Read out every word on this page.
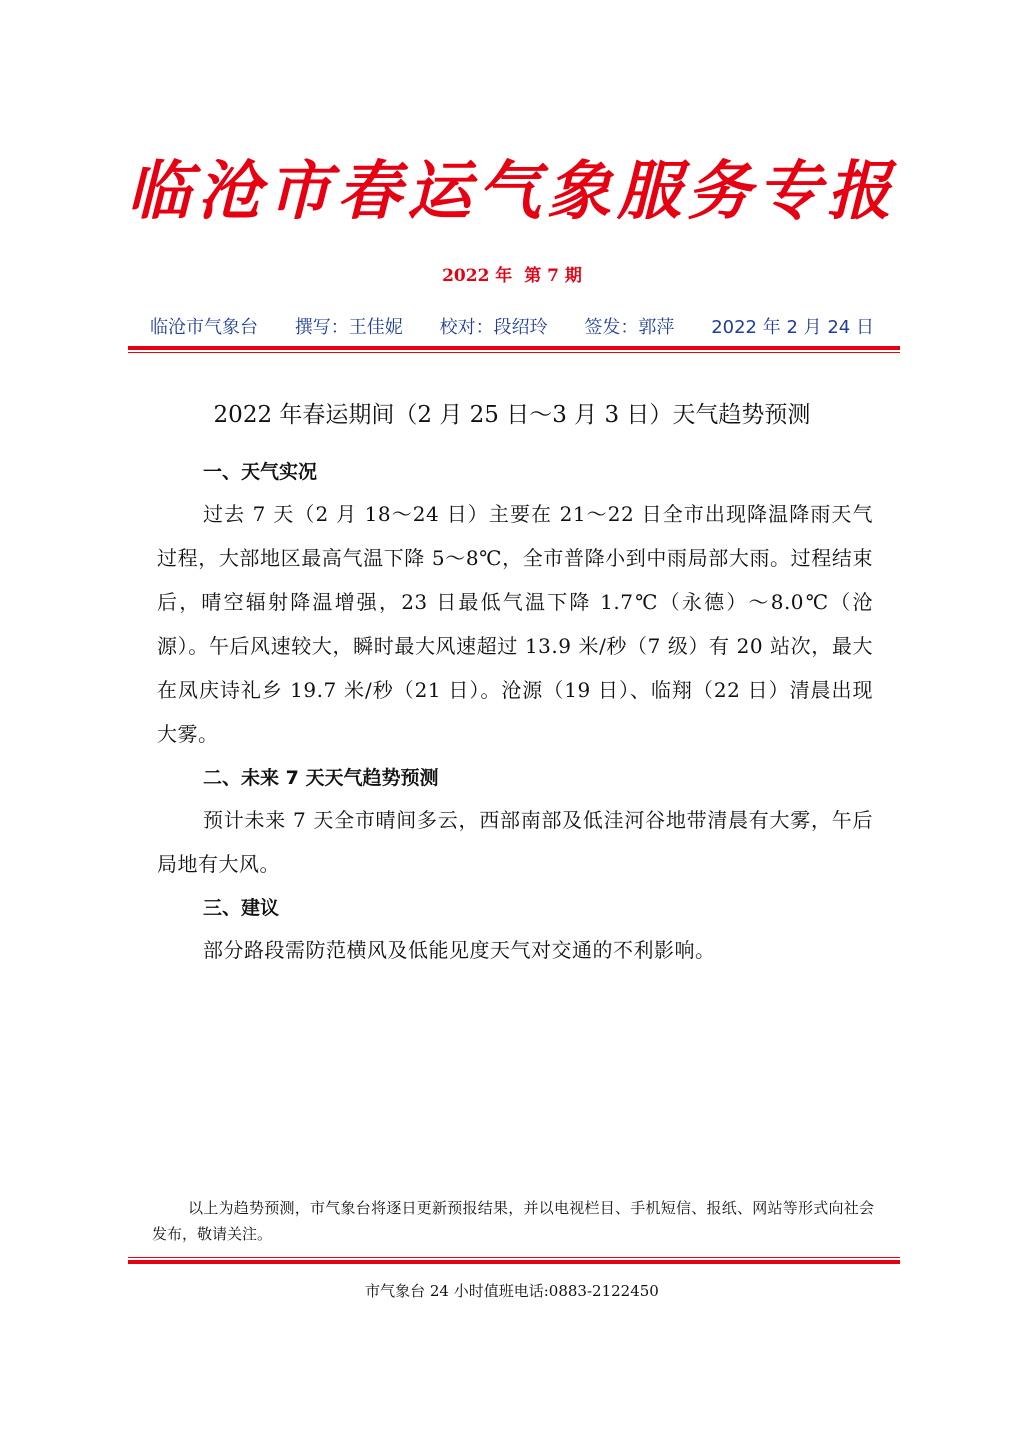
临沧市春运气象服务专报
2022 年 第 7 期
临沧市气象台 撰写：王佳妮 校对：段绍玲 签发：郭萍 2022 年 2 月 24 日
2022 年春运期间（2 月 25 日～3 月 3 日）天气趋势预测
一、天气实况

过去 7 天（2 月 18～24 日）主要在 21～22 日全市出现降温降雨天气过程，大部地区最高气温下降 5～8℃，全市普降小到中雨局部大雨。过程结束后，晴空辐射降温增强，23 日最低气温下降 1.7℃（永德）～8.0℃（沧源）。午后风速较大，瞬时最大风速超过 13.9 米/秒（7 级）有 20 站次，最大在凤庆诗礼乡 19.7 米/秒（21 日）。沧源（19 日）、临翔（22 日）清晨出现大雾。

二、未来 7 天天气趋势预测

预计未来 7 天全市晴间多云，西部南部及低洼河谷地带清晨有大雾，午后局地有大风。

三、建议

部分路段需防范横风及低能见度天气对交通的不利影响。

以上为趋势预测，市气象台将逐日更新预报结果，并以电视栏目、手机短信、报纸、网站等形式向社会发布，敬请关注。
市气象台 24 小时值班电话:0883-2122450
